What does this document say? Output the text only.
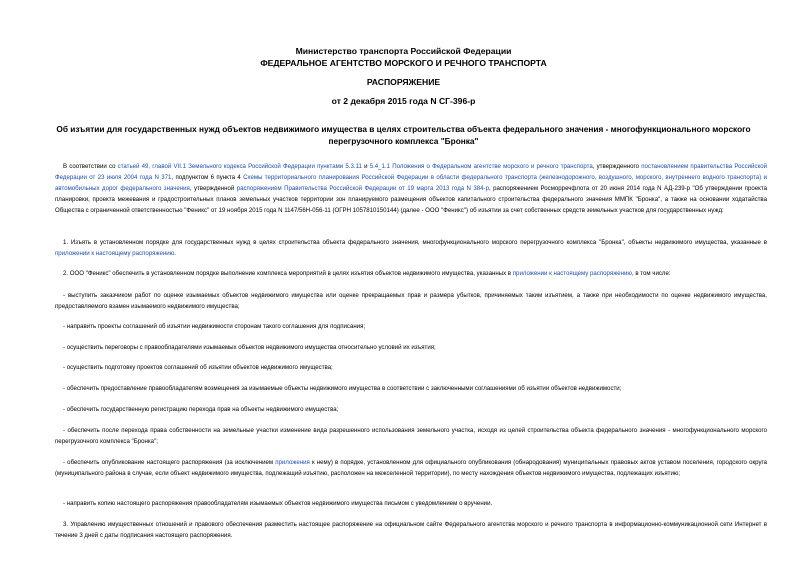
Министерство транспорта Российской Федерации
ФЕДЕРАЛЬНОЕ АГЕНТСТВО МОРСКОГО И РЕЧНОГО ТРАНСПОРТА
РАСПОРЯЖЕНИЕ
от 2 декабря 2015 года N СГ-396-р
Об изъятии для государственных нужд объектов недвижимого имущества в целях строительства объекта федерального значения - многофункционального морского перегрузочного комплекса "Бронка"
В соответствии со статьей 49, главой VII.1 Земельного кодекса Российской Федерации пунктами 5.3.11 и 5.4_1.1 Положения о Федеральном агентстве морского и речного транспорта, утвержденного постановлением правительства Российской Федерации от 23 июля 2004 года N 371, подпунктом 6 пункта 4 Схемы территориального планирования Российской Федерации в области федерального транспорта (железнодорожного, воздушного, морского, внутреннего водного транспорта) и автомобильных дорог федерального значения, утвержденной распоряжением Правительства Российской Федерации от 19 марта 2013 года N 384-р, распоряжением Росморречфлота от 20 июня 2014 года N АД-239-р "Об утверждении проекта планировки, проекта межевания и градостроительных планов земельных участков территории зон планируемого размещения объектов капитального строительства федерального значения ММПК "Бронка", а также на основании ходатайства Общества с ограниченной ответственностью "Феникс" от 19 ноября 2015 года N 1147/56Н-056-11 (ОГРН 1057810150144) (далее - ООО "Феникс") об изъятии за счет собственных средств земельных участков для государственных нужд:
1. Изъять в установленном порядке для государственных нужд в целях строительства объекта федерального значения, многофункционального морского перегрузочного комплекса "Бронка", объекты недвижимого имущества, указанные в приложении к настоящему распоряжению.
2. ООО "Феникс" обеспечить в установленном порядке выполнение комплекса мероприятий в целях изъятия объектов недвижимого имущества, указанных в приложении к настоящему распоряжению, в том числе:
- выступить заказчиком работ по оценке изымаемых объектов недвижимого имущества или оценке прекращаемых прав и размера убытков, причиняемых таким изъятием, а также при необходимости по оценке недвижимого имущества, предоставляемого взамен изымаемого недвижимого имущества;
- направить проекты соглашений об изъятии недвижимости сторонам такого соглашения для подписания;
- осуществить переговоры с правообладателями изымаемых объектов недвижимого имущества относительно условий их изъятия;
- осуществить подготовку проектов соглашений об изъятии объектов недвижимого имущества;
- обеспечить предоставление правообладателям возмещения за изымаемые объекты недвижимого имущества в соответствии с заключенными соглашениями об изъятии объектов недвижимости;
- обеспечить государственную регистрацию перехода прав на объекты недвижимого имущества;
- обеспечить после перехода права собственности на земельные участки изменение вида разрешенного использования земельного участка, исходя из целей строительства объекта федерального значения - многофункционального морского перегрузочного комплекса "Бронка";
- обеспечить опубликование настоящего распоряжения (за исключением приложения к нему) в порядке, установленном для официального опубликования (обнародования) муниципальных правовых актов уставом поселения, городского округа (муниципального района в случае, если объект недвижимого имущества, подлежащий изъятию, расположен на межселенной территории), по месту нахождения объектов недвижимого имущества, подлежащих изъятию;
- направить копию настоящего распоряжения правообладателям изымаемых объектов недвижимого имущества письмом с уведомлением о вручении.
3. Управлению имущественных отношений и правового обеспечения разместить настоящее распоряжение на официальном сайте Федерального агентства морского и речного транспорта в информационно-коммуникационной сети Интернет в течение 3 дней с даты подписания настоящего распоряжения.
